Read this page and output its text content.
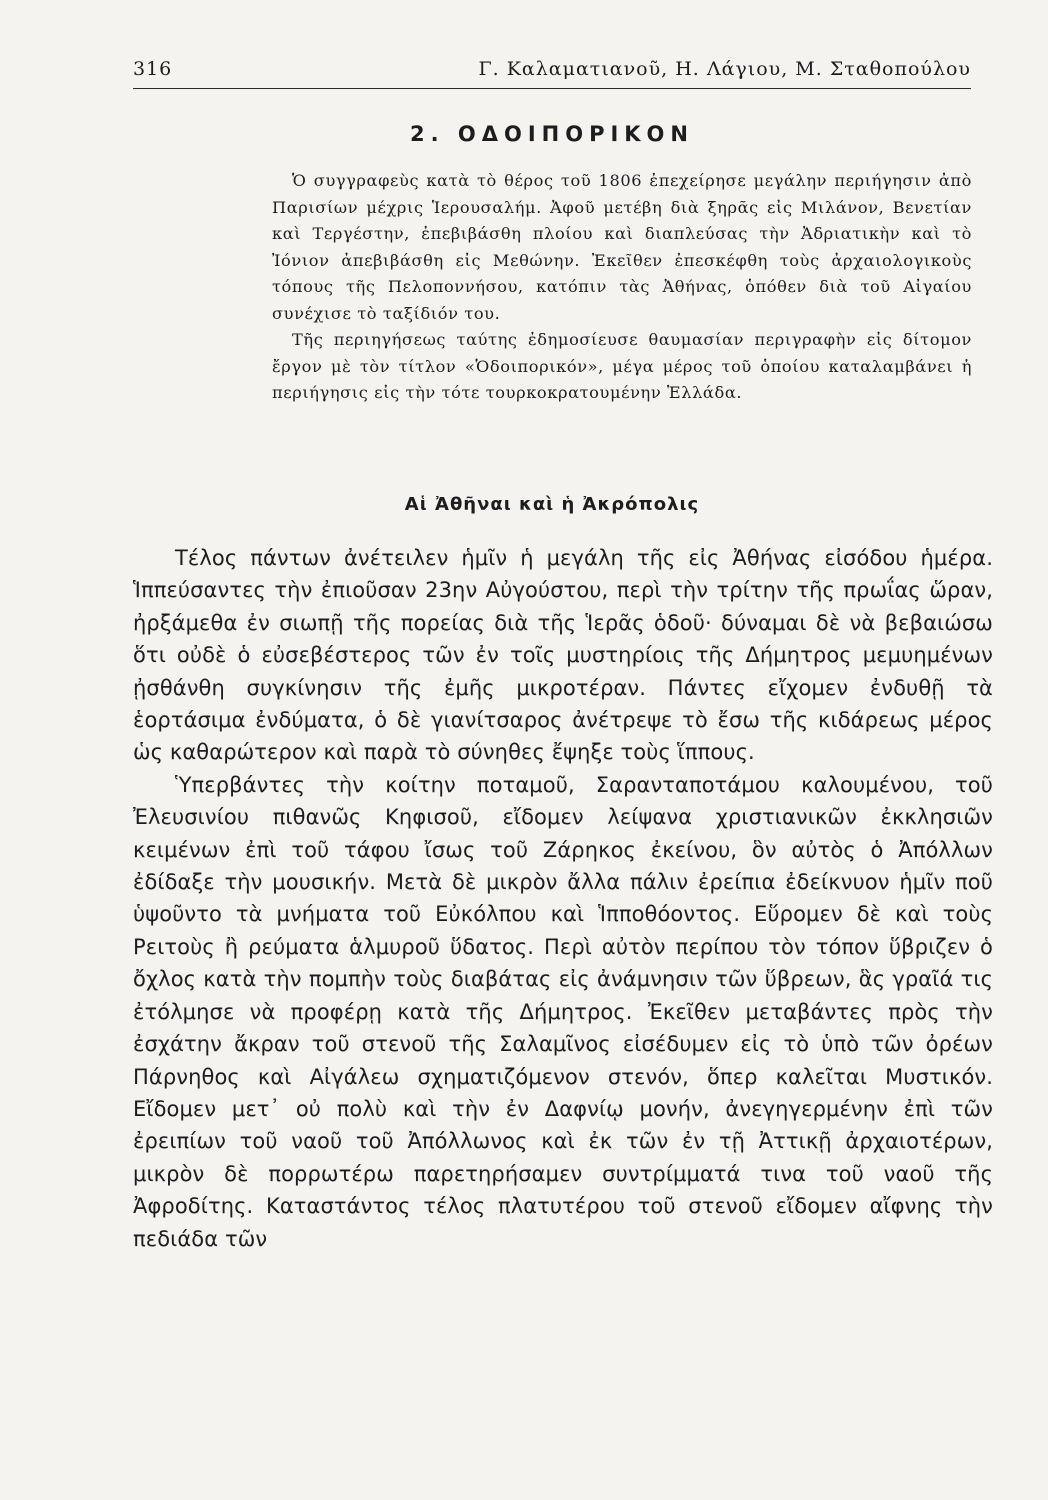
316	Γ. Καλαματιανοῦ, Η. Λάγιου, Μ. Σταθοπούλου
2. ΟΔΟΙΠΟΡΙΚΟΝ

Ὁ συγγραφεὺς κατὰ τὸ θέρος τοῦ 1806 ἐπεχείρησε μεγάλην περιήγησιν ἀπὸ Παρισίων μέχρις Ἱερουσαλήμ. Ἀφοῦ μετέβη διὰ ξηρᾶς εἰς Μιλάνον, Βενετίαν καὶ Τεργέστην, ἐπεβιβάσθη πλοίου καὶ διαπλεύσας τὴν Ἀδριατικὴν καὶ τὸ Ἰόνιον ἀπεβιβάσθη εἰς Μεθώνην. Ἐκεῖθεν ἐπεσκέφθη τοὺς ἀρχαιολογικοὺς τόπους τῆς Πελοποννήσου, κατόπιν τὰς Ἀθήνας, ὁπόθεν διὰ τοῦ Αἰγαίου συνέχισε τὸ ταξίδιόν του.

Τῆς περιηγήσεως ταύτης ἐδημοσίευσε θαυμασίαν περιγραφὴν εἰς δίτομον ἔργον μὲ τὸν τίτλον «Ὁδοιπορικόν», μέγα μέρος τοῦ ὁποίου καταλαμβάνει ἡ περιήγησις εἰς τὴν τότε τουρκοκρατουμένην Ἑλλάδα.

Αἱ Ἀθῆναι καὶ ἡ Ἀκρόπολις

Τέλος πάντων ἀνέτειλεν ἡμῖν ἡ μεγάλη τῆς εἰς Ἀθήνας εἰσόδου ἡμέρα. Ἱππεύσαντες τὴν ἐπιοῦσαν 23ην Αὐγούστου, περὶ τὴν τρίτην τῆς πρωΐας ὥραν, ἠρξάμεθα ἐν σιωπῇ τῆς πορείας διὰ τῆς Ἱερᾶς ὁδοῦ· δύναμαι δὲ νὰ βεβαιώσω ὅτι οὐδὲ ὁ εὐσεβέστερος τῶν ἐν τοῖς μυστηρίοις τῆς Δήμητρος μεμυημένων ᾐσθάνθη συγκίνησιν τῆς ἐμῆς μικροτέραν. Πάντες εἴχομεν ἐνδυθῇ τὰ ἑορτάσιμα ἐνδύματα, ὁ δὲ γιανίτσαρος ἀνέτρεψε τὸ ἔσω τῆς κιδάρεως μέρος ὡς καθαρώτερον καὶ παρὰ τὸ σύνηθες ἔψηξε τοὺς ἵππους.

Ὑπερβάντες τὴν κοίτην ποταμοῦ, Σαρανταποτάμου καλουμένου, τοῦ Ἐλευσινίου πιθανῶς Κηφισοῦ, εἴδομεν λείψανα χριστιανικῶν ἐκκλησιῶν κειμένων ἐπὶ τοῦ τάφου ἴσως τοῦ Ζάρηκος ἐκείνου, ὃν αὐτὸς ὁ Ἀπόλλων ἐδίδαξε τὴν μουσικήν. Μετὰ δὲ μικρὸν ἄλλα πάλιν ἐρείπια ἐδείκνυον ἡμῖν ποῦ ὑψοῦντο τὰ μνήματα τοῦ Εὐκόλπου καὶ Ἱπποθόοντος. Εὕρομεν δὲ καὶ τοὺς Ρειτοὺς ἢ ρεύματα ἁλμυροῦ ὕδατος. Περὶ αὐτὸν περίπου τὸν τόπον ὕβριζεν ὁ ὄχλος κατὰ τὴν πομπὴν τοὺς διαβάτας εἰς ἀνάμνησιν τῶν ὕβρεων, ἃς γραῖά τις ἐτόλμησε νὰ προφέρῃ κατὰ τῆς Δήμητρος. Ἐκεῖθεν μεταβάντες πρὸς τὴν ἐσχάτην ἄκραν τοῦ στενοῦ τῆς Σαλαμῖνος εἰσέδυμεν εἰς τὸ ὑπὸ τῶν ὀρέων Πάρνηθος καὶ Αἰγάλεω σχηματιζόμενον στενόν, ὅπερ καλεῖται Μυστικόν. Εἴδομεν μετ᾽ οὐ πολὺ καὶ τὴν ἐν Δαφνίῳ μονήν, ἀνεγηγερμένην ἐπὶ τῶν ἐρειπίων τοῦ ναοῦ τοῦ Ἀπόλλωνος καὶ ἐκ τῶν ἐν τῇ Ἀττικῇ ἀρχαιοτέρων, μικρὸν δὲ πορρωτέρω παρετηρήσαμεν συντρίμματά τινα τοῦ ναοῦ τῆς Ἀφροδίτης. Καταστάντος τέλος πλατυτέρου τοῦ στενοῦ εἴδομεν αἴφνης τὴν πεδιάδα τῶν
